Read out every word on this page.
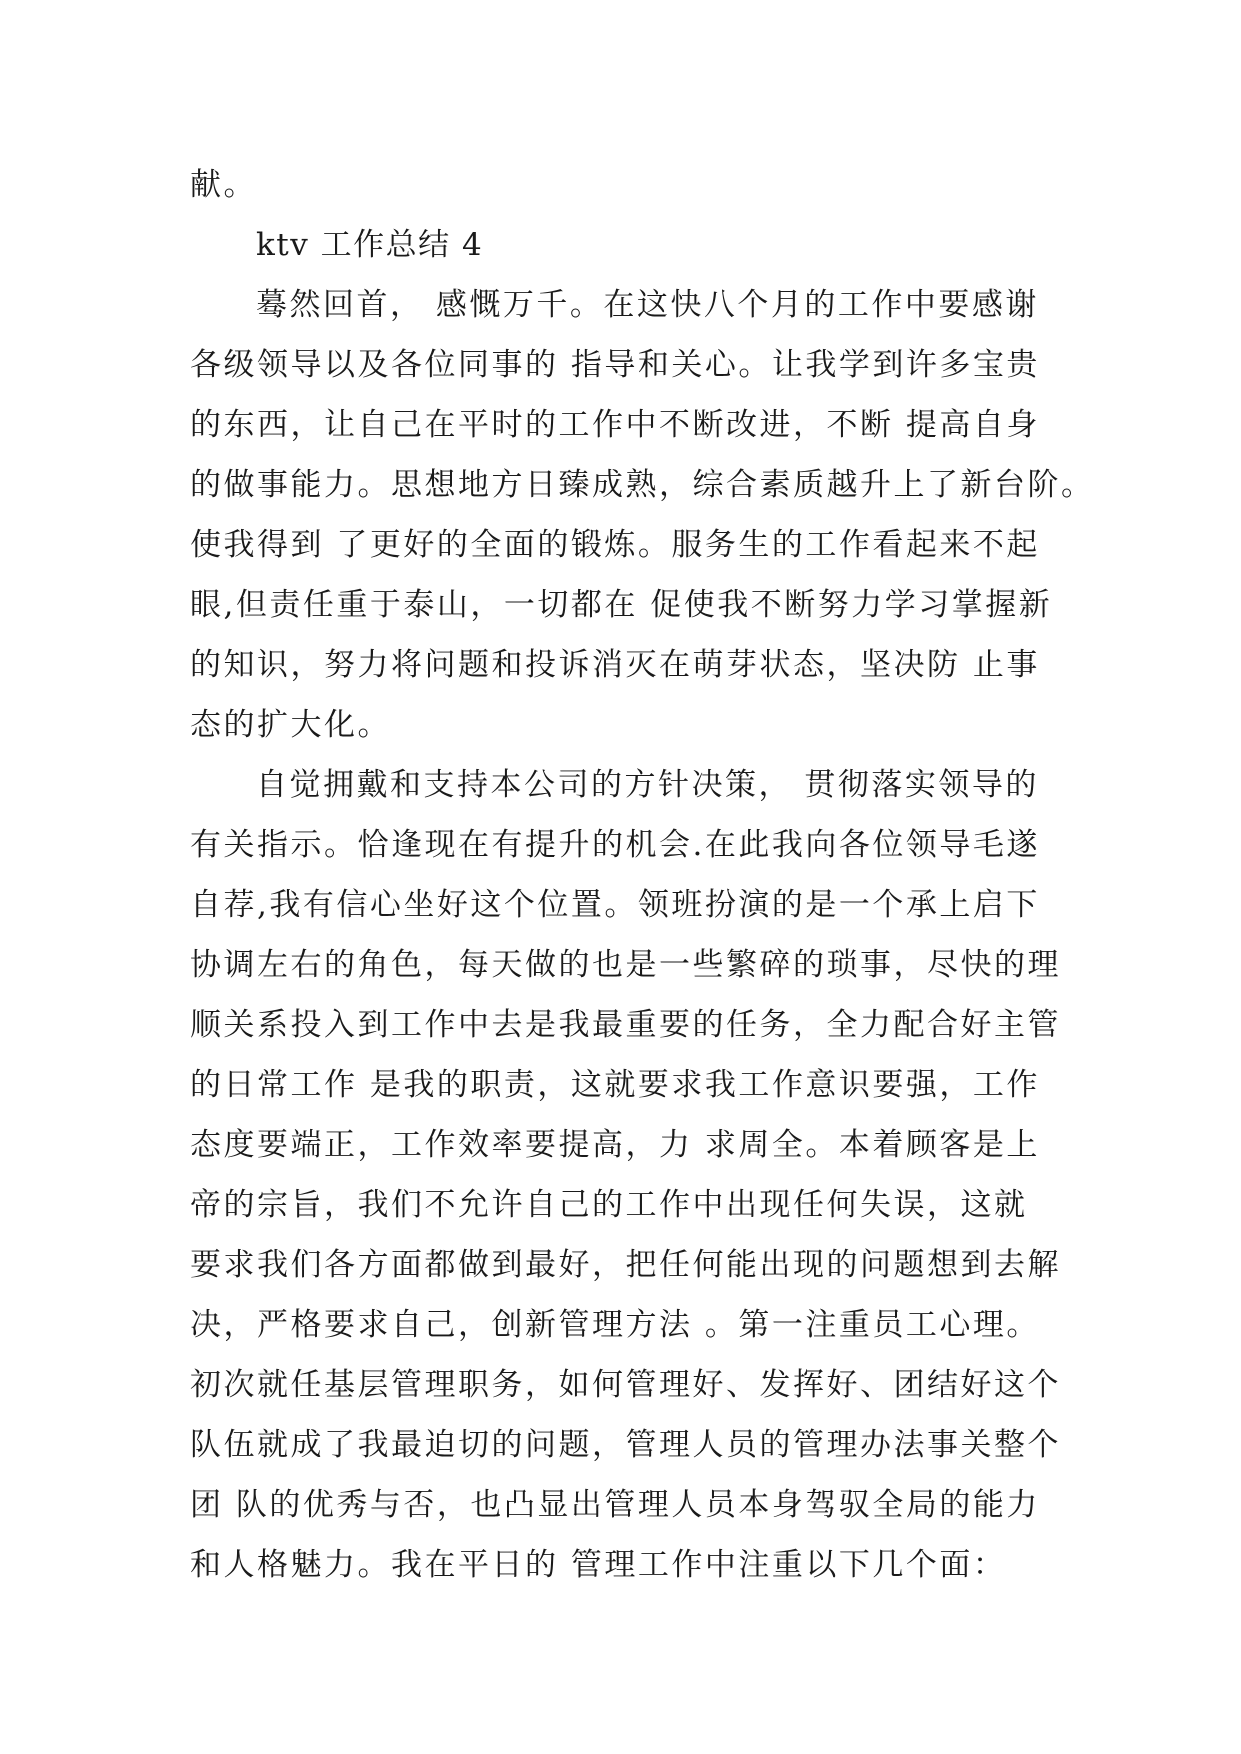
献。
ktv 工作总结 4
蓦然回首， 感慨万千。在这快八个月的工作中要感谢
各级领导以及各位同事的 指导和关心。让我学到许多宝贵
的东西，让自己在平时的工作中不断改进，不断 提高自身
的做事能力。思想地方日臻成熟，综合素质越升上了新台阶。
使我得到 了更好的全面的锻炼。服务生的工作看起来不起
眼,但责任重于泰山，一切都在 促使我不断努力学习掌握新
的知识，努力将问题和投诉消灭在萌芽状态，坚决防 止事
态的扩大化。
自觉拥戴和支持本公司的方针决策， 贯彻落实领导的
有关指示。恰逢现在有提升的机会.在此我向各位领导毛遂
自荐,我有信心坐好这个位置。领班扮演的是一个承上启下
协调左右的角色，每天做的也是一些繁碎的琐事，尽快的理
顺关系投入到工作中去是我最重要的任务，全力配合好主管
的日常工作 是我的职责，这就要求我工作意识要强，工作
态度要端正，工作效率要提高，力 求周全。本着顾客是上
帝的宗旨，我们不允许自己的工作中出现任何失误，这就
要求我们各方面都做到最好，把任何能出现的问题想到去解
决，严格要求自己，创新管理方法 。第一注重员工心理。
初次就任基层管理职务，如何管理好、发挥好、团结好这个
队伍就成了我最迫切的问题，管理人员的管理办法事关整个
团 队的优秀与否，也凸显出管理人员本身驾驭全局的能力
和人格魅力。我在平日的 管理工作中注重以下几个面：
